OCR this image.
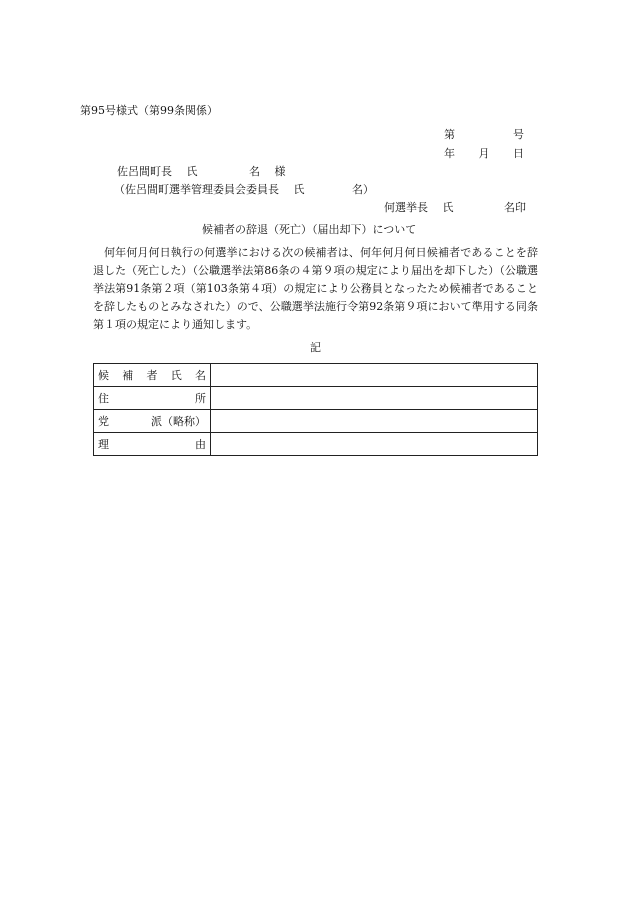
第95号様式（第99条関係）
第	号
年 月 日
佐呂間町長 氏	名 様
（佐呂間町選挙管理委員会委員長 氏	名）
何選挙長 氏	名印
候補者の辞退（死亡）（届出却下）について
何年何月何日執行の何選挙における次の候補者は、何年何月何日候補者であることを辞退した（死亡した）（公職選挙法第86条の４第９項の規定により届出を却下した）（公職選挙法第91条第２項（第103条第４項）の規定により公務員となったため候補者であることを辞したものとみなされた）ので、公職選挙法施行令第92条第９項において準用する同条第１項の規定により通知します。
記
候 補 者 氏 名	

住 所	

党 派（略称）	

理 由	
